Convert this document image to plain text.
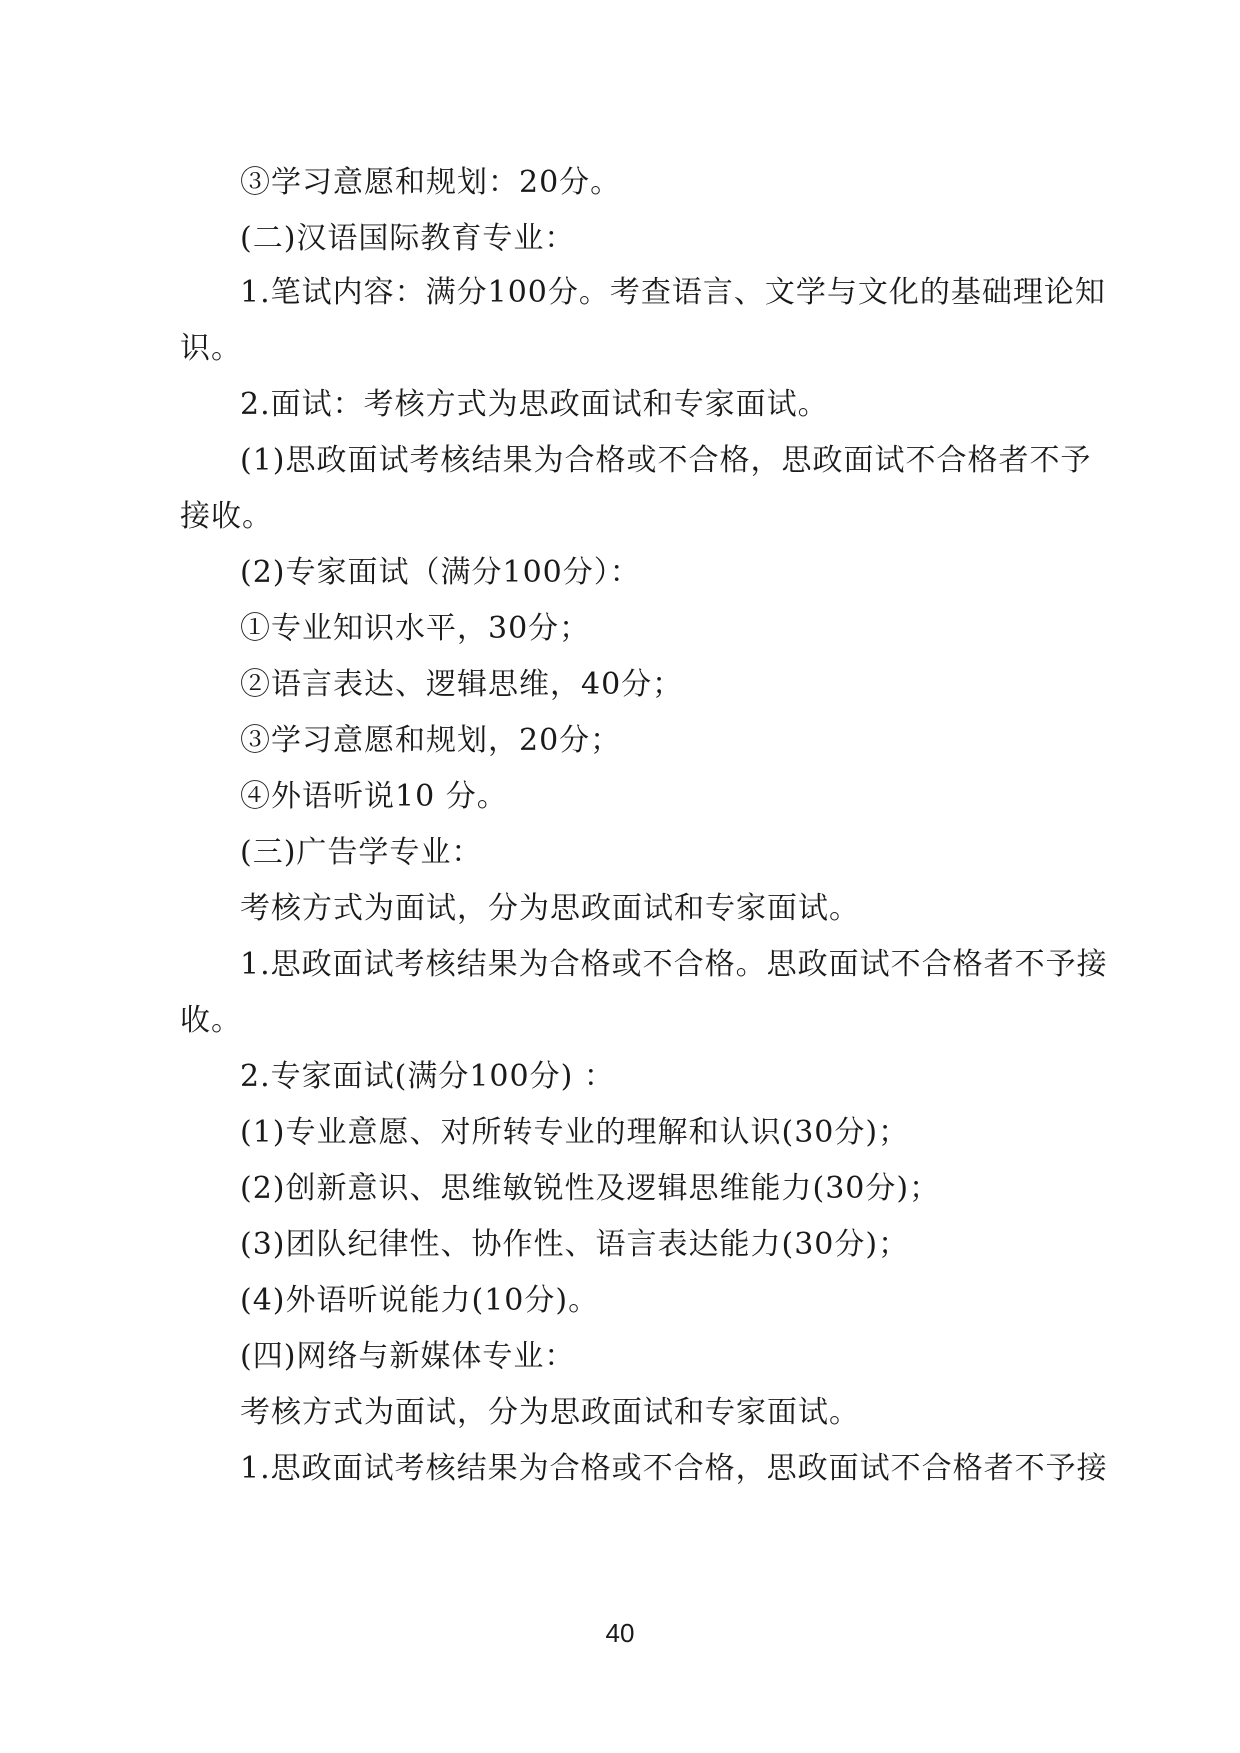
③学习意愿和规划：20分。
(二)汉语国际教育专业：
1.笔试内容：满分100分。考查语言、文学与文化的基础理论知
识。
2.面试：考核方式为思政面试和专家面试。
(1)思政面试考核结果为合格或不合格，思政面试不合格者不予
接收。
(2)专家面试（满分100分）：
①专业知识水平，30分；
②语言表达、逻辑思维，40分；
③学习意愿和规划，20分；
④外语听说10 分。
(三)广告学专业：
考核方式为面试，分为思政面试和专家面试。
1.思政面试考核结果为合格或不合格。思政面试不合格者不予接
收。
2.专家面试(满分100分) ：
(1)专业意愿、对所转专业的理解和认识(30分)；
(2)创新意识、思维敏锐性及逻辑思维能力(30分)；
(3)团队纪律性、协作性、语言表达能力(30分)；
(4)外语听说能力(10分)。
(四)网络与新媒体专业：
考核方式为面试，分为思政面试和专家面试。
1.思政面试考核结果为合格或不合格，思政面试不合格者不予接
40
